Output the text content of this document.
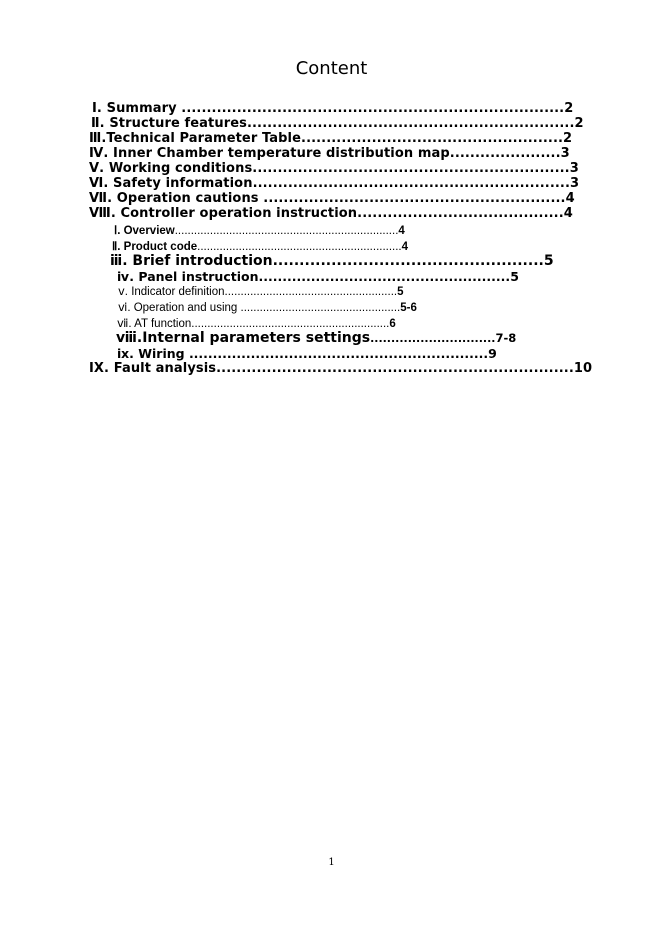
Content
Ⅰ. Summary ............................................................................2
Ⅱ. Structure features.................................................................2
Ⅲ.Technical Parameter Table....................................................2
Ⅳ. Inner Chamber temperature distribution map......................3
Ⅴ. Working conditions...............................................................3
Ⅵ. Safety information...............................................................3
Ⅶ. Operation cautions ............................................................4
Ⅷ. Controller operation instruction.........................................4
ⅰ. Overview......................................................................4
ⅱ. Product code................................................................4
ⅲ. Brief introduction...................................................5
ⅳ. Panel instruction.....................................................5
ⅴ. Indicator definition......................................................5
ⅵ. Operation and using ..................................................5-6
ⅶ. AT function..............................................................6
ⅷ.Internal parameters settings..............................7-8
ⅸ. Wiring ...............................................................9
IX. Fault analysis.......................................................................10
1
